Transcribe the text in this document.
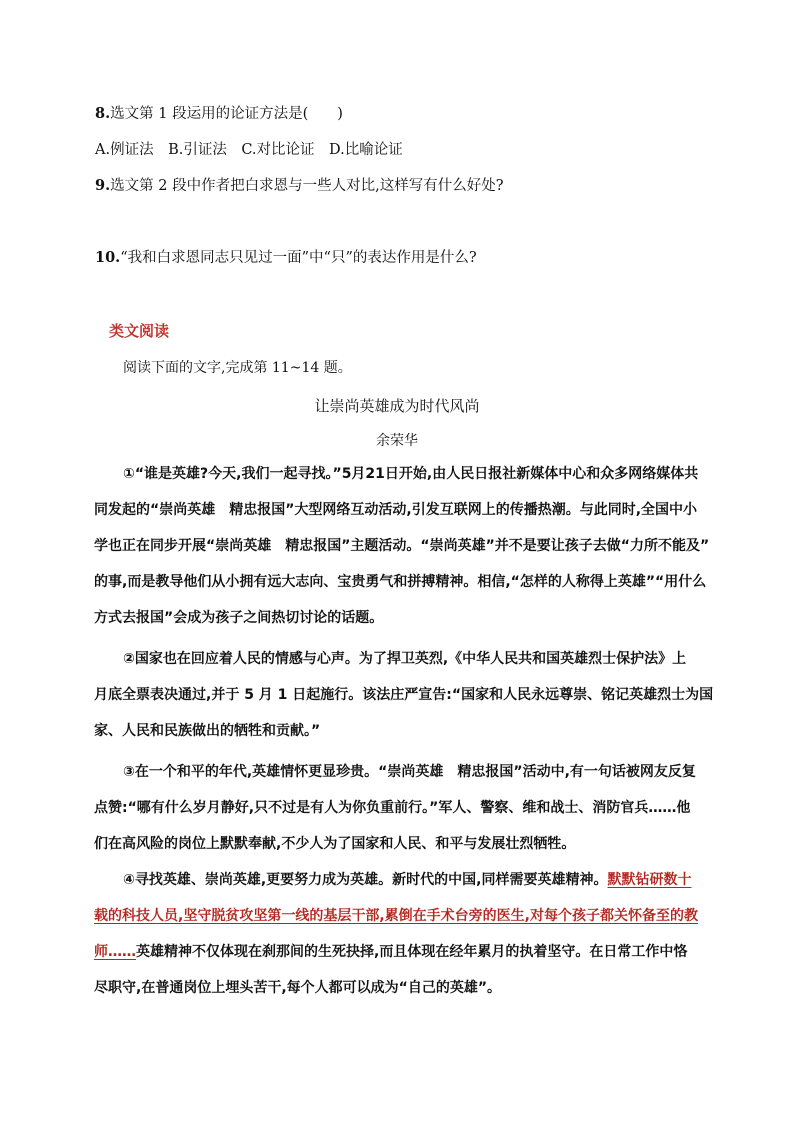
8.选文第 1 段运用的论证方法是(　　)
A.例证法　B.引证法　C.对比论证　D.比喻论证
9.选文第 2 段中作者把白求恩与一些人对比,这样写有什么好处?
10.“我和白求恩同志只见过一面”中“只”的表达作用是什么?
类文阅读
阅读下面的文字,完成第 11~14 题。
让崇尚英雄成为时代风尚
余荣华
①“谁是英雄?今天,我们一起寻找。”5月21日开始,由人民日报社新媒体中心和众多网络媒体共
同发起的“崇尚英雄　精忠报国”大型网络互动活动,引发互联网上的传播热潮。与此同时,全国中小
学也正在同步开展“崇尚英雄　精忠报国”主题活动。“崇尚英雄”并不是要让孩子去做“力所不能及”
的事,而是教导他们从小拥有远大志向、宝贵勇气和拼搏精神。相信,“怎样的人称得上英雄”“用什么
方式去报国”会成为孩子之间热切讨论的话题。
②国家也在回应着人民的情感与心声。为了捍卫英烈,《中华人民共和国英雄烈士保护法》上
月底全票表决通过,并于 5 月 1 日起施行。该法庄严宣告:“国家和人民永远尊崇、铭记英雄烈士为国
家、人民和民族做出的牺牲和贡献。”
③在一个和平的年代,英雄情怀更显珍贵。“崇尚英雄　精忠报国”活动中,有一句话被网友反复
点赞:“哪有什么岁月静好,只不过是有人为你负重前行。”军人、警察、维和战士、消防官兵……他
们在高风险的岗位上默默奉献,不少人为了国家和人民、和平与发展壮烈牺牲。
④寻找英雄、崇尚英雄,更要努力成为英雄。新时代的中国,同样需要英雄精神。默默钻研数十
载的科技人员,坚守脱贫攻坚第一线的基层干部,累倒在手术台旁的医生,对每个孩子都关怀备至的教
师……英雄精神不仅体现在刹那间的生死抉择,而且体现在经年累月的执着坚守。在日常工作中恪
尽职守,在普通岗位上埋头苦干,每个人都可以成为“自己的英雄”。
